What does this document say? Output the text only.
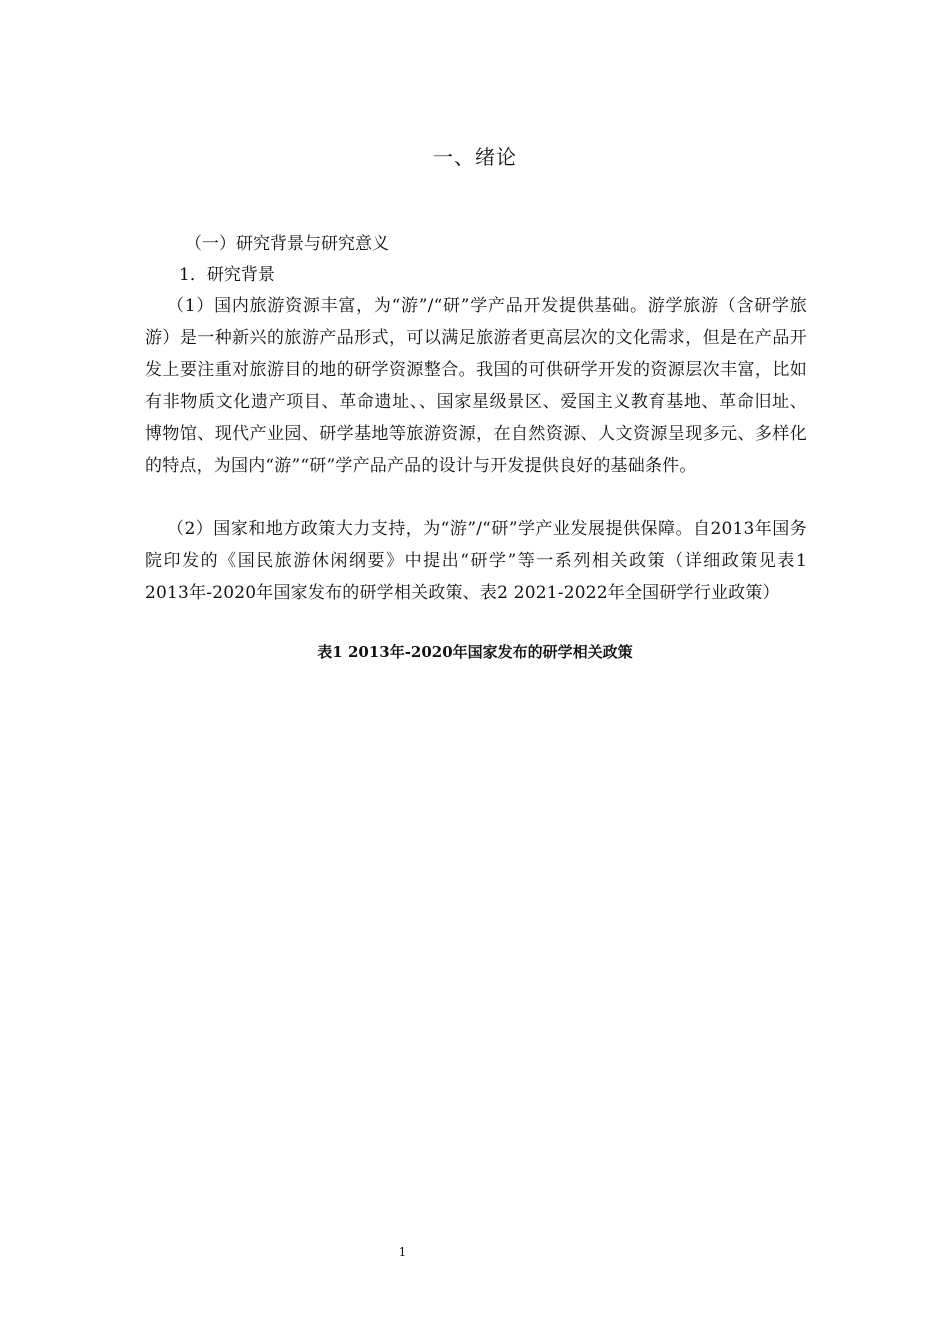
一、绪论
（一）研究背景与研究意义
1．研究背景
（1）国内旅游资源丰富，为“游”/“研”学产品开发提供基础。游学旅游（含研学旅游）是一种新兴的旅游产品形式，可以满足旅游者更高层次的文化需求，但是在产品开发上要注重对旅游目的地的研学资源整合。我国的可供研学开发的资源层次丰富，比如有非物质文化遗产项目、革命遗址、、国家星级景区、爱国主义教育基地、革命旧址、博物馆、现代产业园、研学基地等旅游资源，在自然资源、人文资源呈现多元、多样化的特点，为国内“游”“研”学产品产品的设计与开发提供良好的基础条件。
（2）国家和地方政策大力支持，为“游”/“研”学产业发展提供保障。自2013年国务院印发的《国民旅游休闲纲要》中提出“研学”等一系列相关政策（详细政策见表1 2013年-2020年国家发布的研学相关政策、表2 2021-2022年全国研学行业政策）
表1 2013年-2020年国家发布的研学相关政策
1
